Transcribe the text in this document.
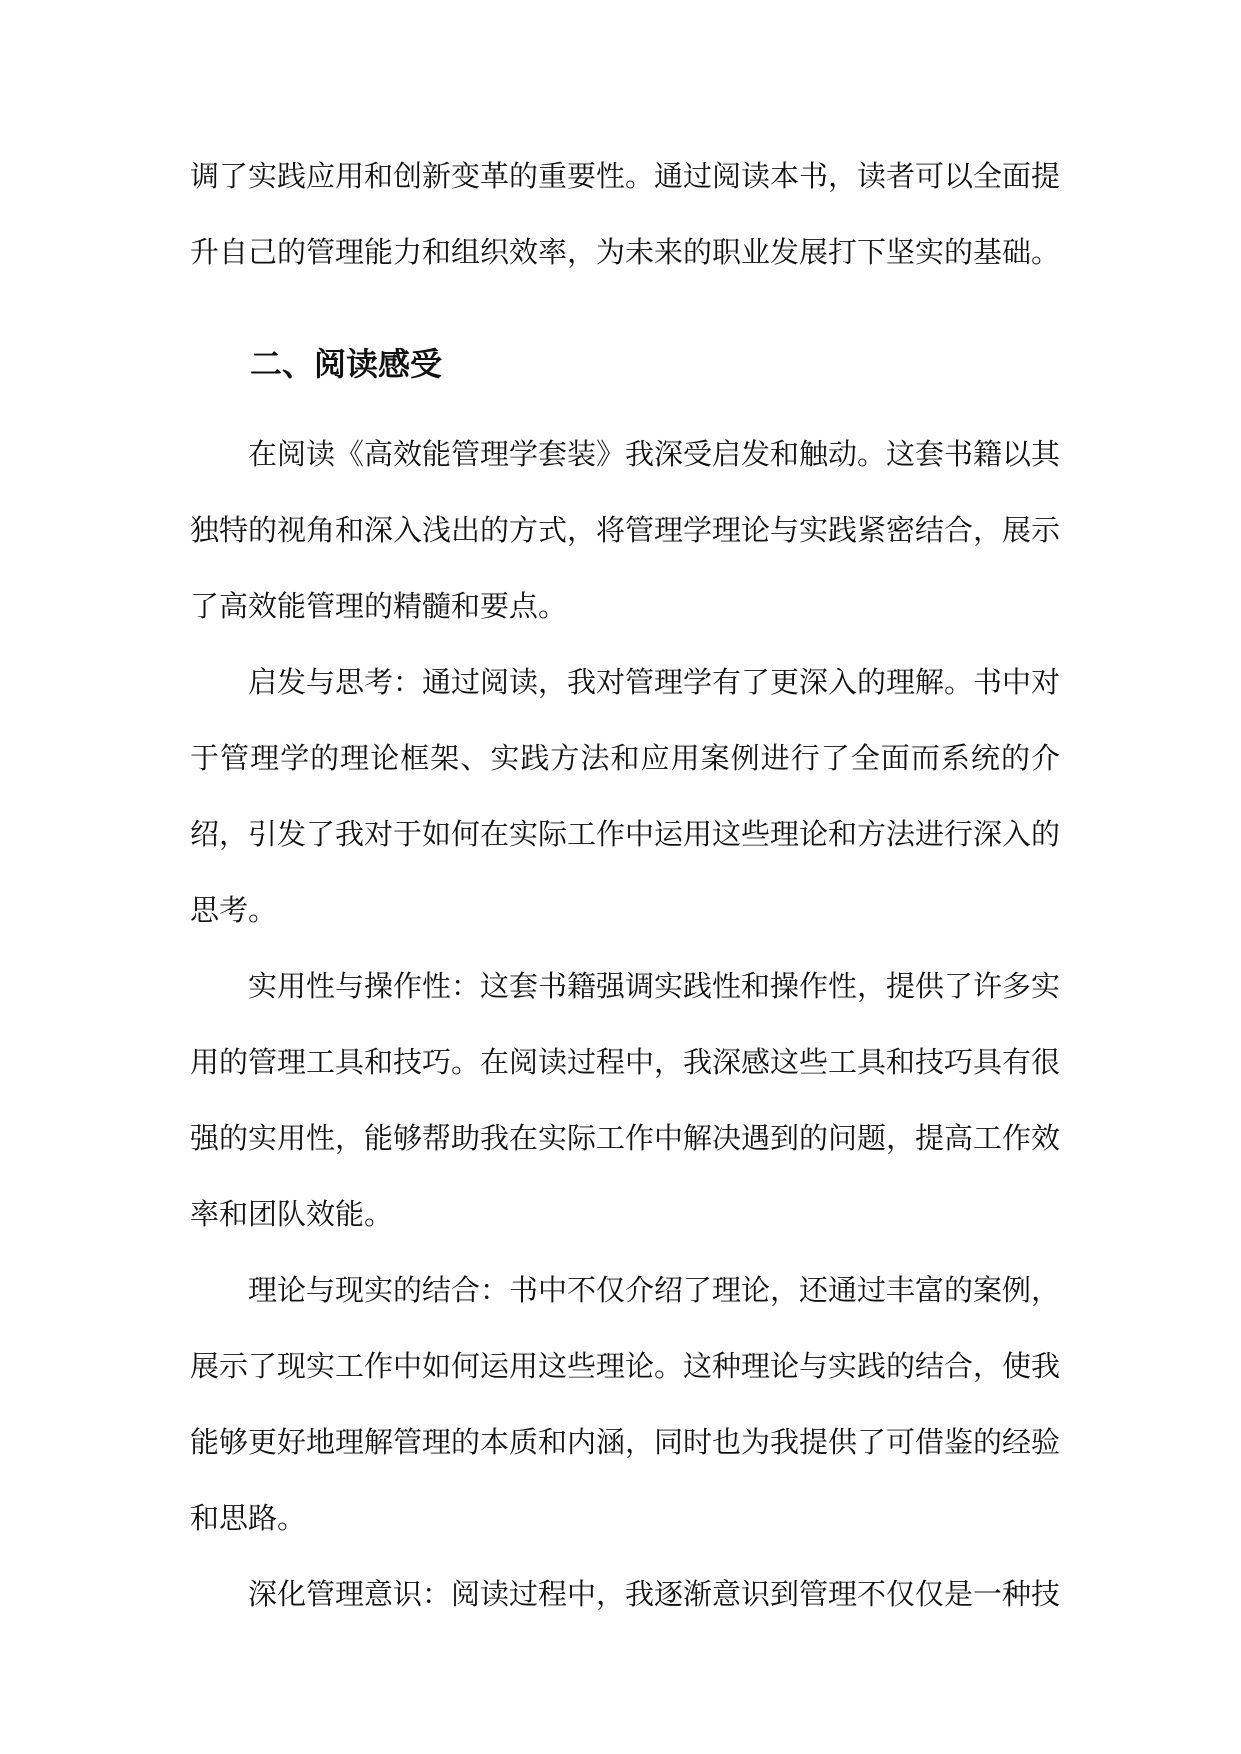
调了实践应用和创新变革的重要性。通过阅读本书，读者可以全面提升自己的管理能力和组织效率，为未来的职业发展打下坚实的基础。

二、阅读感受

在阅读《高效能管理学套装》我深受启发和触动。这套书籍以其独特的视角和深入浅出的方式，将管理学理论与实践紧密结合，展示了高效能管理的精髓和要点。

启发与思考：通过阅读，我对管理学有了更深入的理解。书中对于管理学的理论框架、实践方法和应用案例进行了全面而系统的介绍，引发了我对于如何在实际工作中运用这些理论和方法进行深入的思考。

实用性与操作性：这套书籍强调实践性和操作性，提供了许多实用的管理工具和技巧。在阅读过程中，我深感这些工具和技巧具有很强的实用性，能够帮助我在实际工作中解决遇到的问题，提高工作效率和团队效能。

理论与现实的结合：书中不仅介绍了理论，还通过丰富的案例，展示了现实工作中如何运用这些理论。这种理论与实践的结合，使我能够更好地理解管理的本质和内涵，同时也为我提供了可借鉴的经验和思路。

深化管理意识：阅读过程中，我逐渐意识到管理不仅仅是一种技
